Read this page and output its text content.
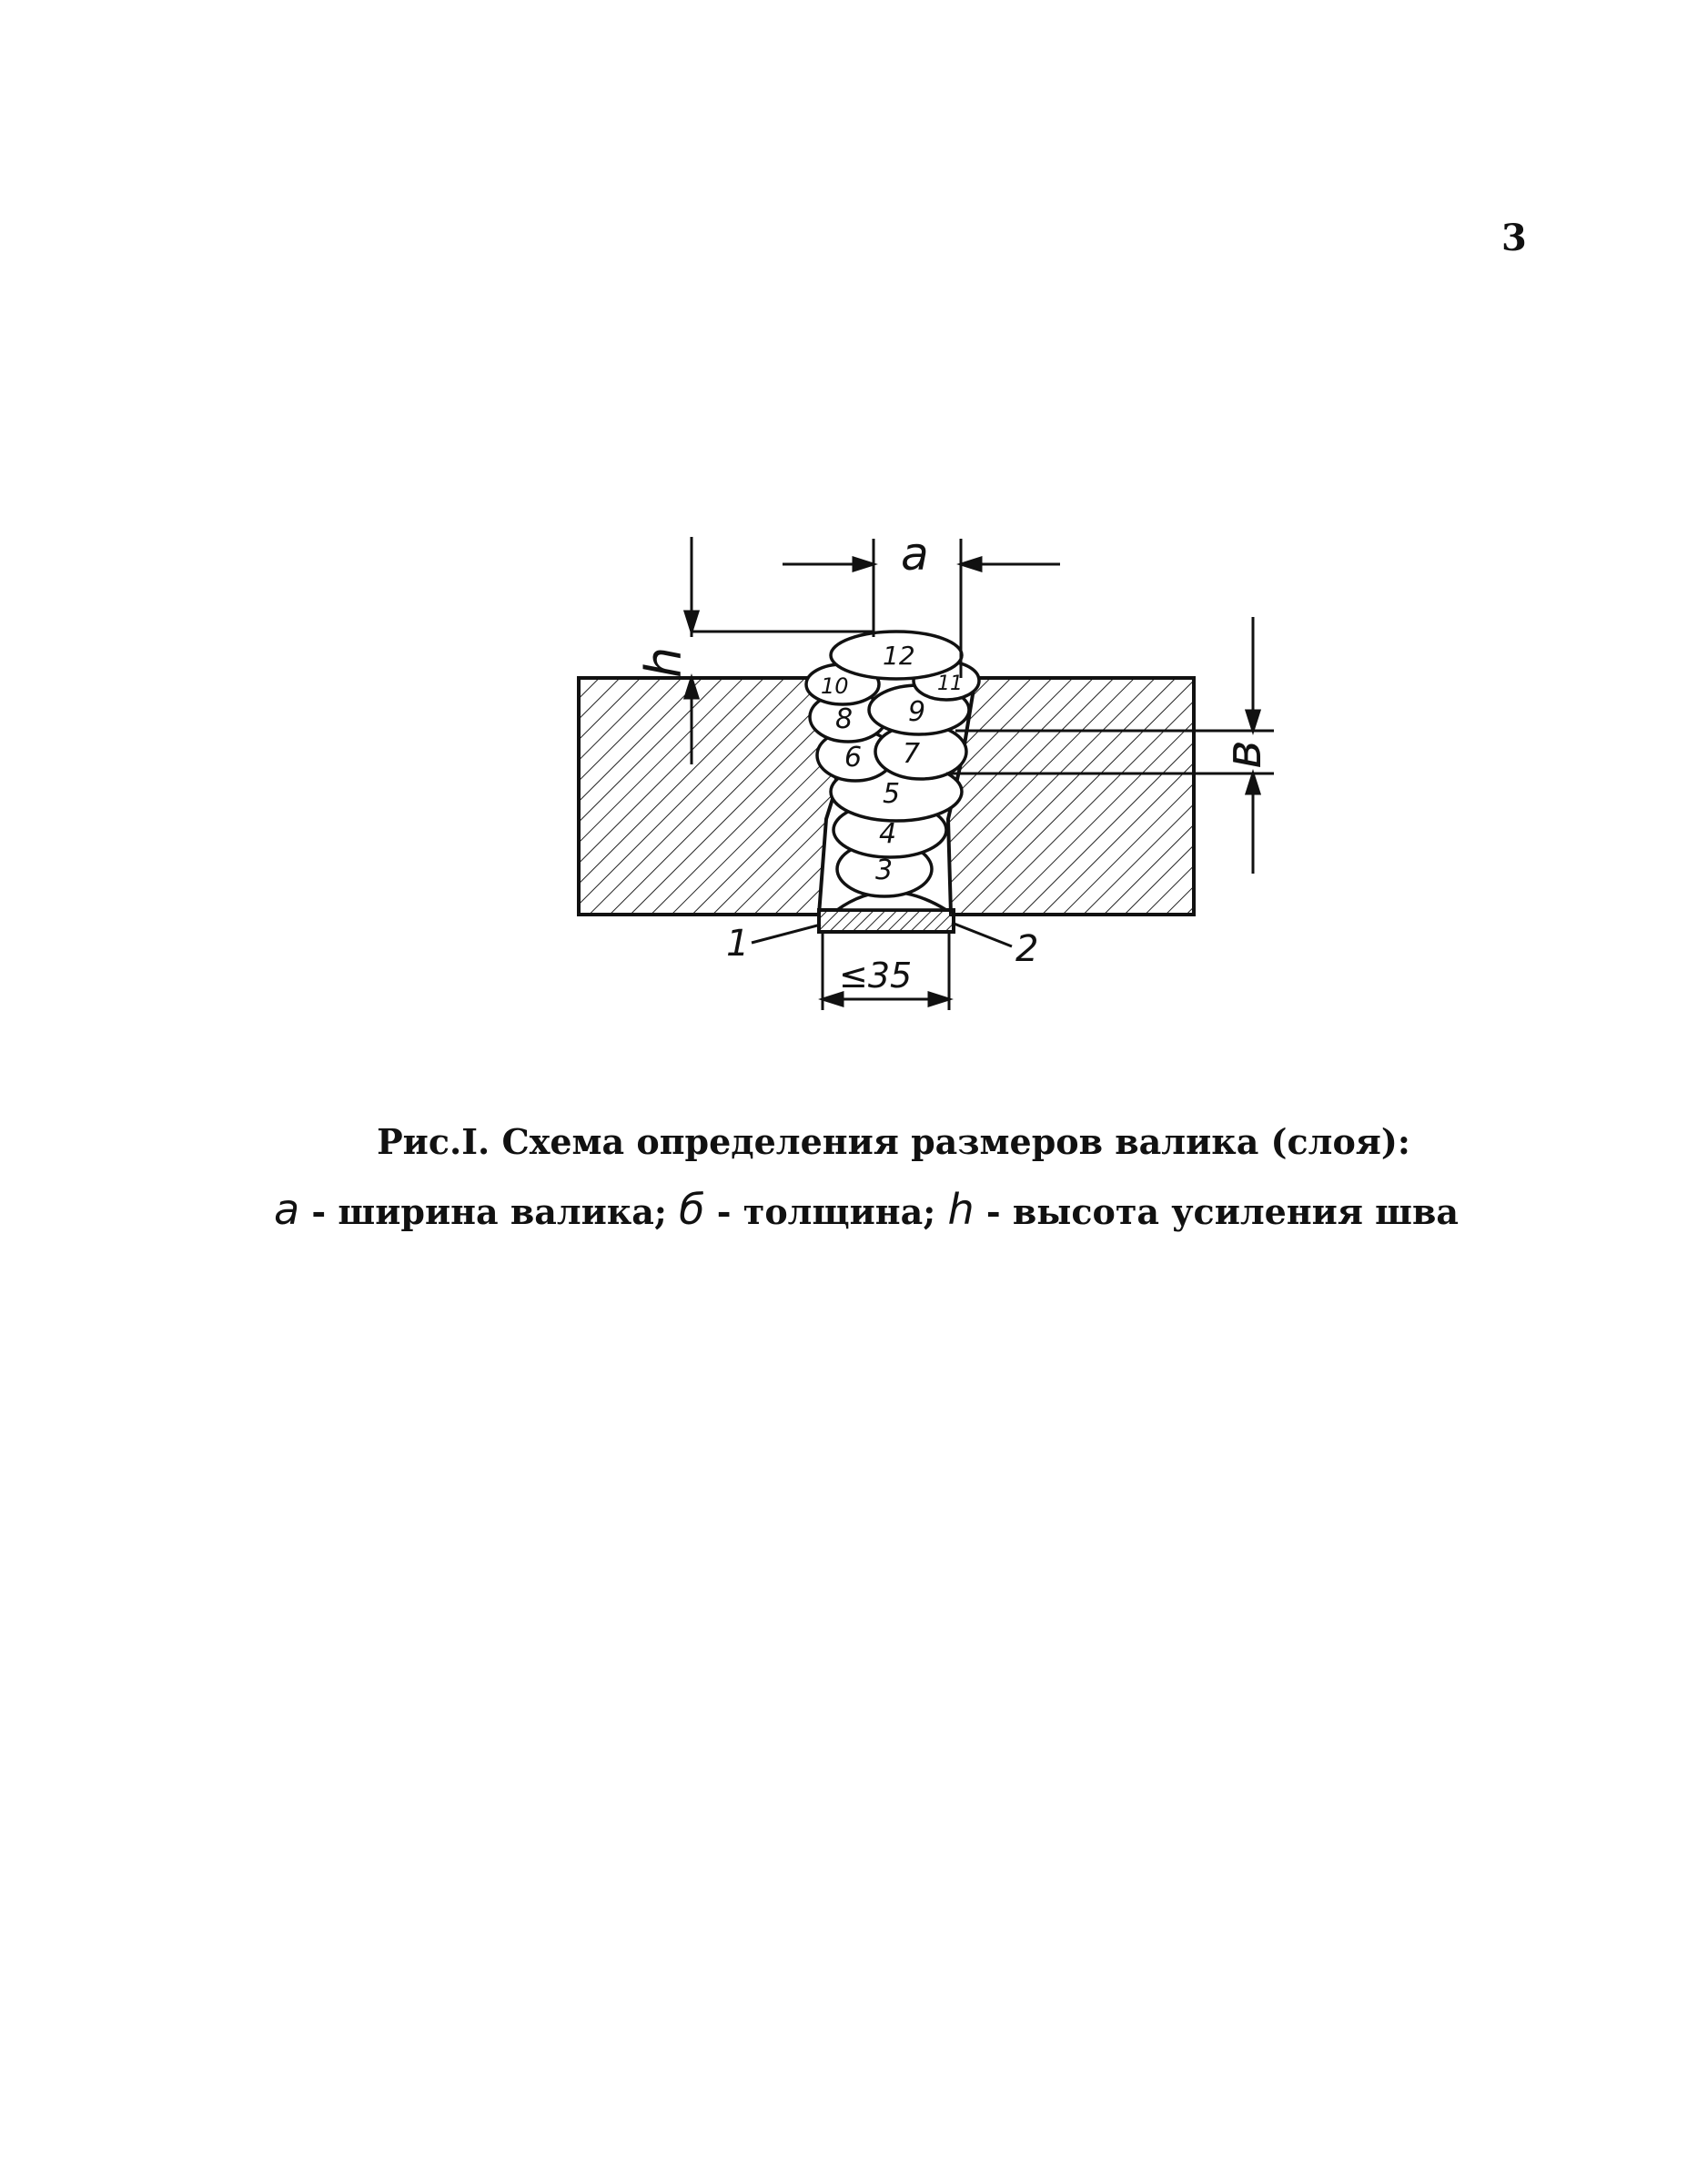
3
3
4
5
6 7
8 9
10	11
12
a
h
в
≤35
1	2
Рис.I. Схема определения размеров валика (слоя):
a - ширина валика; б - толщина; h - высота усиления шва
